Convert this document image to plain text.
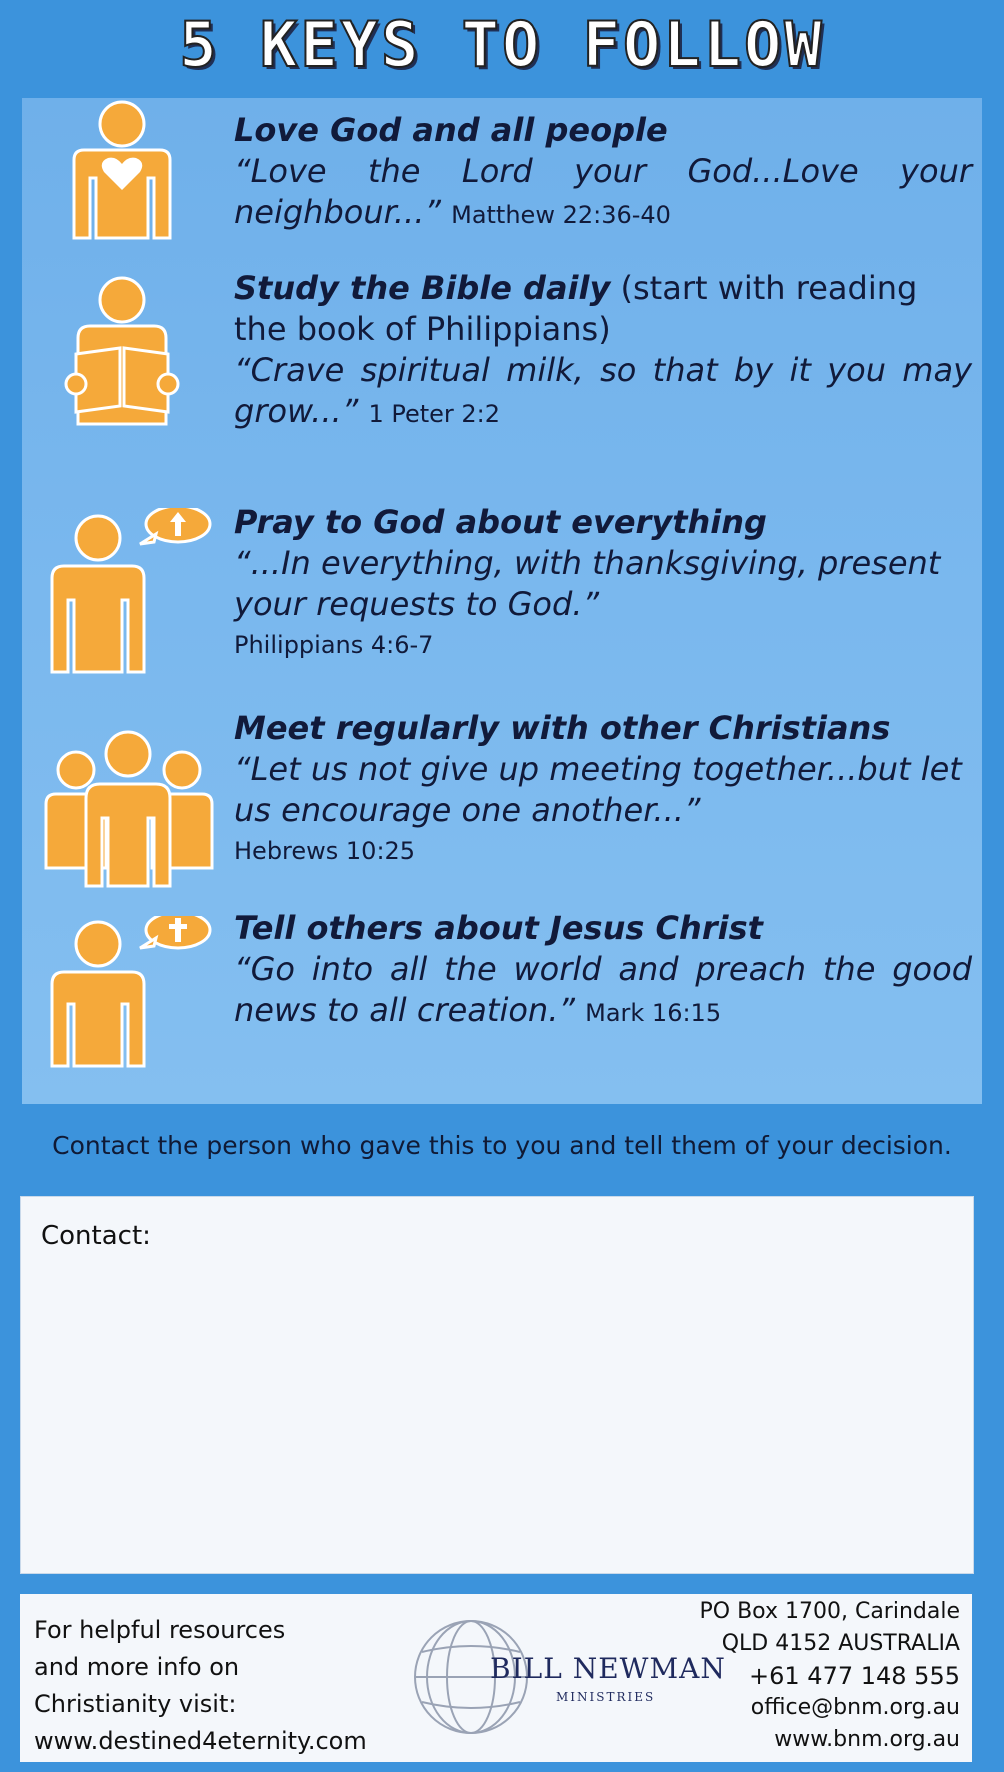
5 KEYS TO FOLLOW
Love God and all people
“Love the Lord your God...Love your neighbour...” Matthew 22:36-40
Study the Bible daily (start with reading the book of Philippians)
“Crave spiritual milk, so that by it you may grow...” 1 Peter 2:2
Pray to God about everything
“...In everything, with thanksgiving, present your requests to God.”
Philippians 4:6-7
Meet regularly with other Christians
“Let us not give up meeting together...but let us encourage one another...”
Hebrews 10:25
Tell others about Jesus Christ
“Go into all the world and preach the good news to all creation.” Mark 16:15
Contact the person who gave this to you and tell them of your decision.
Contact:
For helpful resources
and more info on
Christianity visit:
www.destined4eternity.com
BILL NEWMAN
MINISTRIES
PO Box 1700, Carindale
QLD 4152 AUSTRALIA
+61 477 148 555
office@bnm.org.au
www.bnm.org.au
